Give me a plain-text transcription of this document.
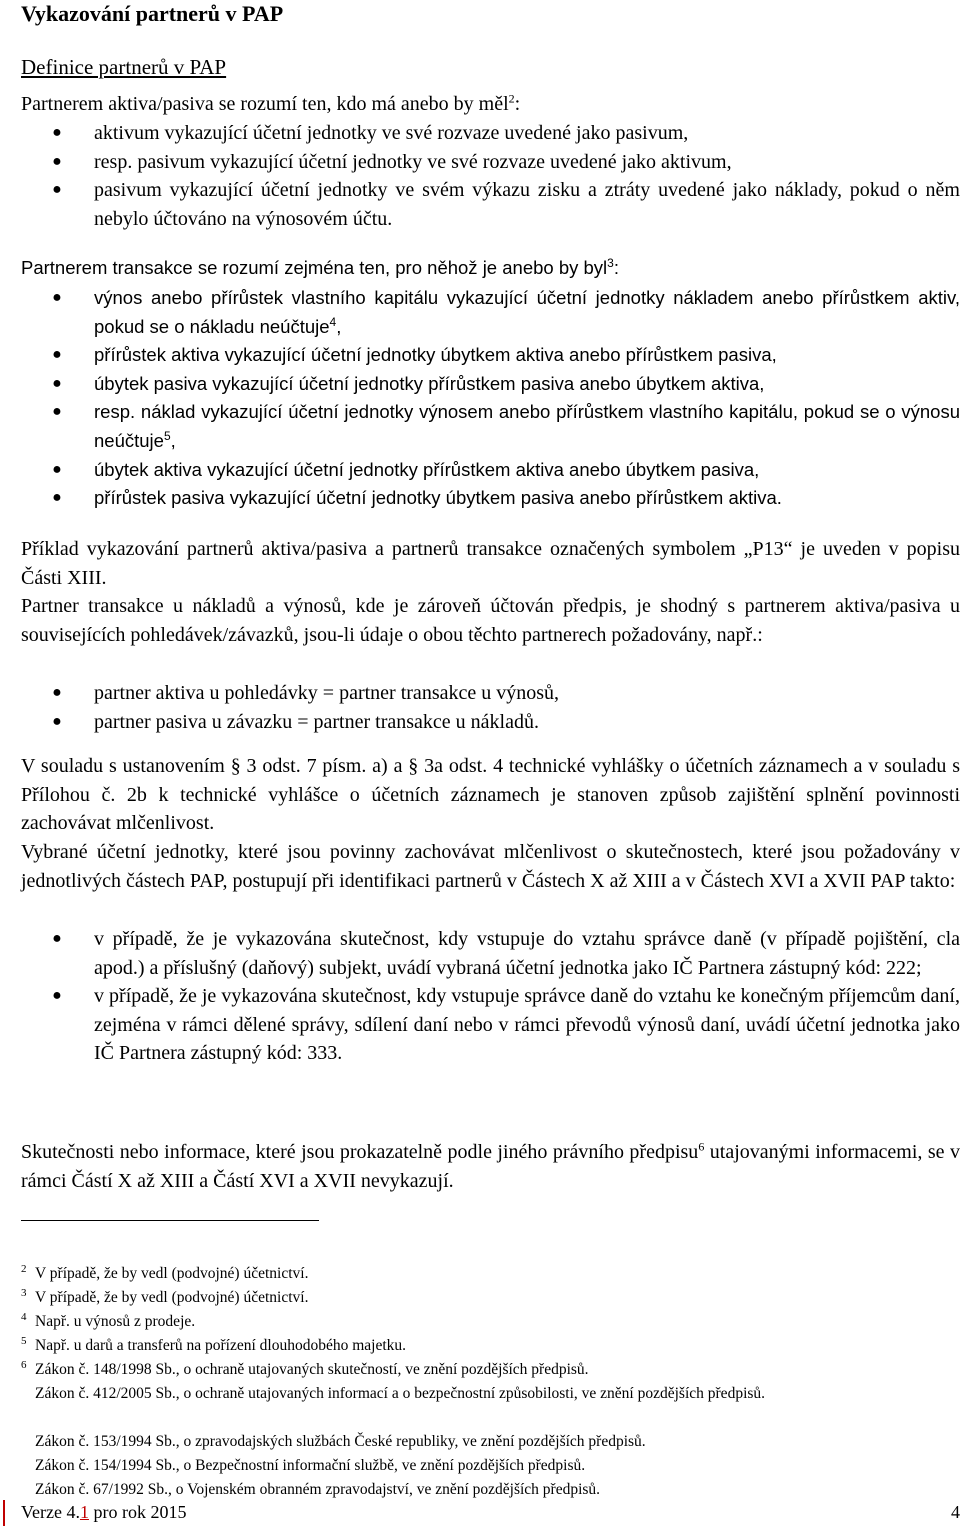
Vykazování partnerů v PAP
Definice partnerů v PAP

Partnerem aktiva/pasiva se rozumí ten, kdo má anebo by měl$^2$:

● aktivum vykazující účetní jednotky ve své rozvaze uvedené jako pasivum,
● resp. pasivum vykazující účetní jednotky ve své rozvaze uvedené jako aktivum,
● pasivum vykazující účetní jednotky ve svém výkazu zisku a ztráty uvedené jako náklady, pokud o něm nebylo účtováno na výnosovém účtu.

Partnerem transakce se rozumí zejména ten, pro něhož je anebo by byl$^3$:

● výnos anebo přírůstek vlastního kapitálu vykazující účetní jednotky nákladem anebo přírůstkem aktiv, pokud se o nákladu neúčtuje$^4$,
● přírůstek aktiva vykazující účetní jednotky úbytkem aktiva anebo přírůstkem pasiva,
● úbytek pasiva vykazující účetní jednotky přírůstkem pasiva anebo úbytkem aktiva,
● resp. náklad vykazující účetní jednotky výnosem anebo přírůstkem vlastního kapitálu, pokud se o výnosu neúčtuje$^5$,
● úbytek aktiva vykazující účetní jednotky přírůstkem aktiva anebo úbytkem pasiva,
● přírůstek pasiva vykazující účetní jednotky úbytkem pasiva anebo přírůstkem aktiva.

Příklad vykazování partnerů aktiva/pasiva a partnerů transakce označených symbolem „P13“ je uveden v popisu Části XIII.

Partner transakce u nákladů a výnosů, kde je zároveň účtován předpis, je shodný s partnerem aktiva/pasiva u souvisejících pohledávek/závazků, jsou-li údaje o obou těchto partnerech požadovány, např.:

● partner aktiva u pohledávky = partner transakce u výnosů,
● partner pasiva u závazku = partner transakce u nákladů.

V souladu s ustanovením § 3 odst. 7 písm. a) a § 3a odst. 4 technické vyhlášky o účetních záznamech a v souladu s Přílohou č. 2b k technické vyhlášce o účetních záznamech je stanoven způsob zajištění splnění povinnosti zachovávat mlčenlivost.

Vybrané účetní jednotky, které jsou povinny zachovávat mlčenlivost o skutečnostech, které jsou požadovány v jednotlivých částech PAP, postupují při identifikaci partnerů v Částech X až XIII a v Částech XVI a XVII PAP takto:

● v případě, že je vykazována skutečnost, kdy vstupuje do vztahu správce daně (v případě pojištění, cla apod.) a příslušný (daňový) subjekt, uvádí vybraná účetní jednotka jako IČ Partnera zástupný kód: 222;
● v případě, že je vykazována skutečnost, kdy vstupuje správce daně do vztahu ke konečným příjemcům daní, zejména v rámci dělené správy, sdílení daní nebo v rámci převodů výnosů daní, uvádí účetní jednotka jako IČ Partnera zástupný kód: 333.

Skutečnosti nebo informace, které jsou prokazatelně podle jiného právního předpisu$^6$ utajovanými informacemi, se v rámci Částí X až XIII a Částí XVI a XVII nevykazují.

2 V případě, že by vedl (podvojné) účetnictví.
3 V případě, že by vedl (podvojné) účetnictví.
4 Např. u výnosů z prodeje.
5 Např. u darů a transferů na pořízení dlouhodobého majetku.
6 Zákon č. 148/1998 Sb., o ochraně utajovaných skutečností, ve znění pozdějších předpisů.
Zákon č. 412/2005 Sb., o ochraně utajovaných informací a o bezpečnostní způsobilosti, ve znění pozdějších předpisů.
Zákon č. 153/1994 Sb., o zpravodajských službách České republiky, ve znění pozdějších předpisů.
Zákon č. 154/1994 Sb., o Bezpečnostní informační službě, ve znění pozdějších předpisů.
Zákon č. 67/1992 Sb., o Vojenském obranném zpravodajství, ve znění pozdějších předpisů.
Verze 4.1 pro rok 2015	4
